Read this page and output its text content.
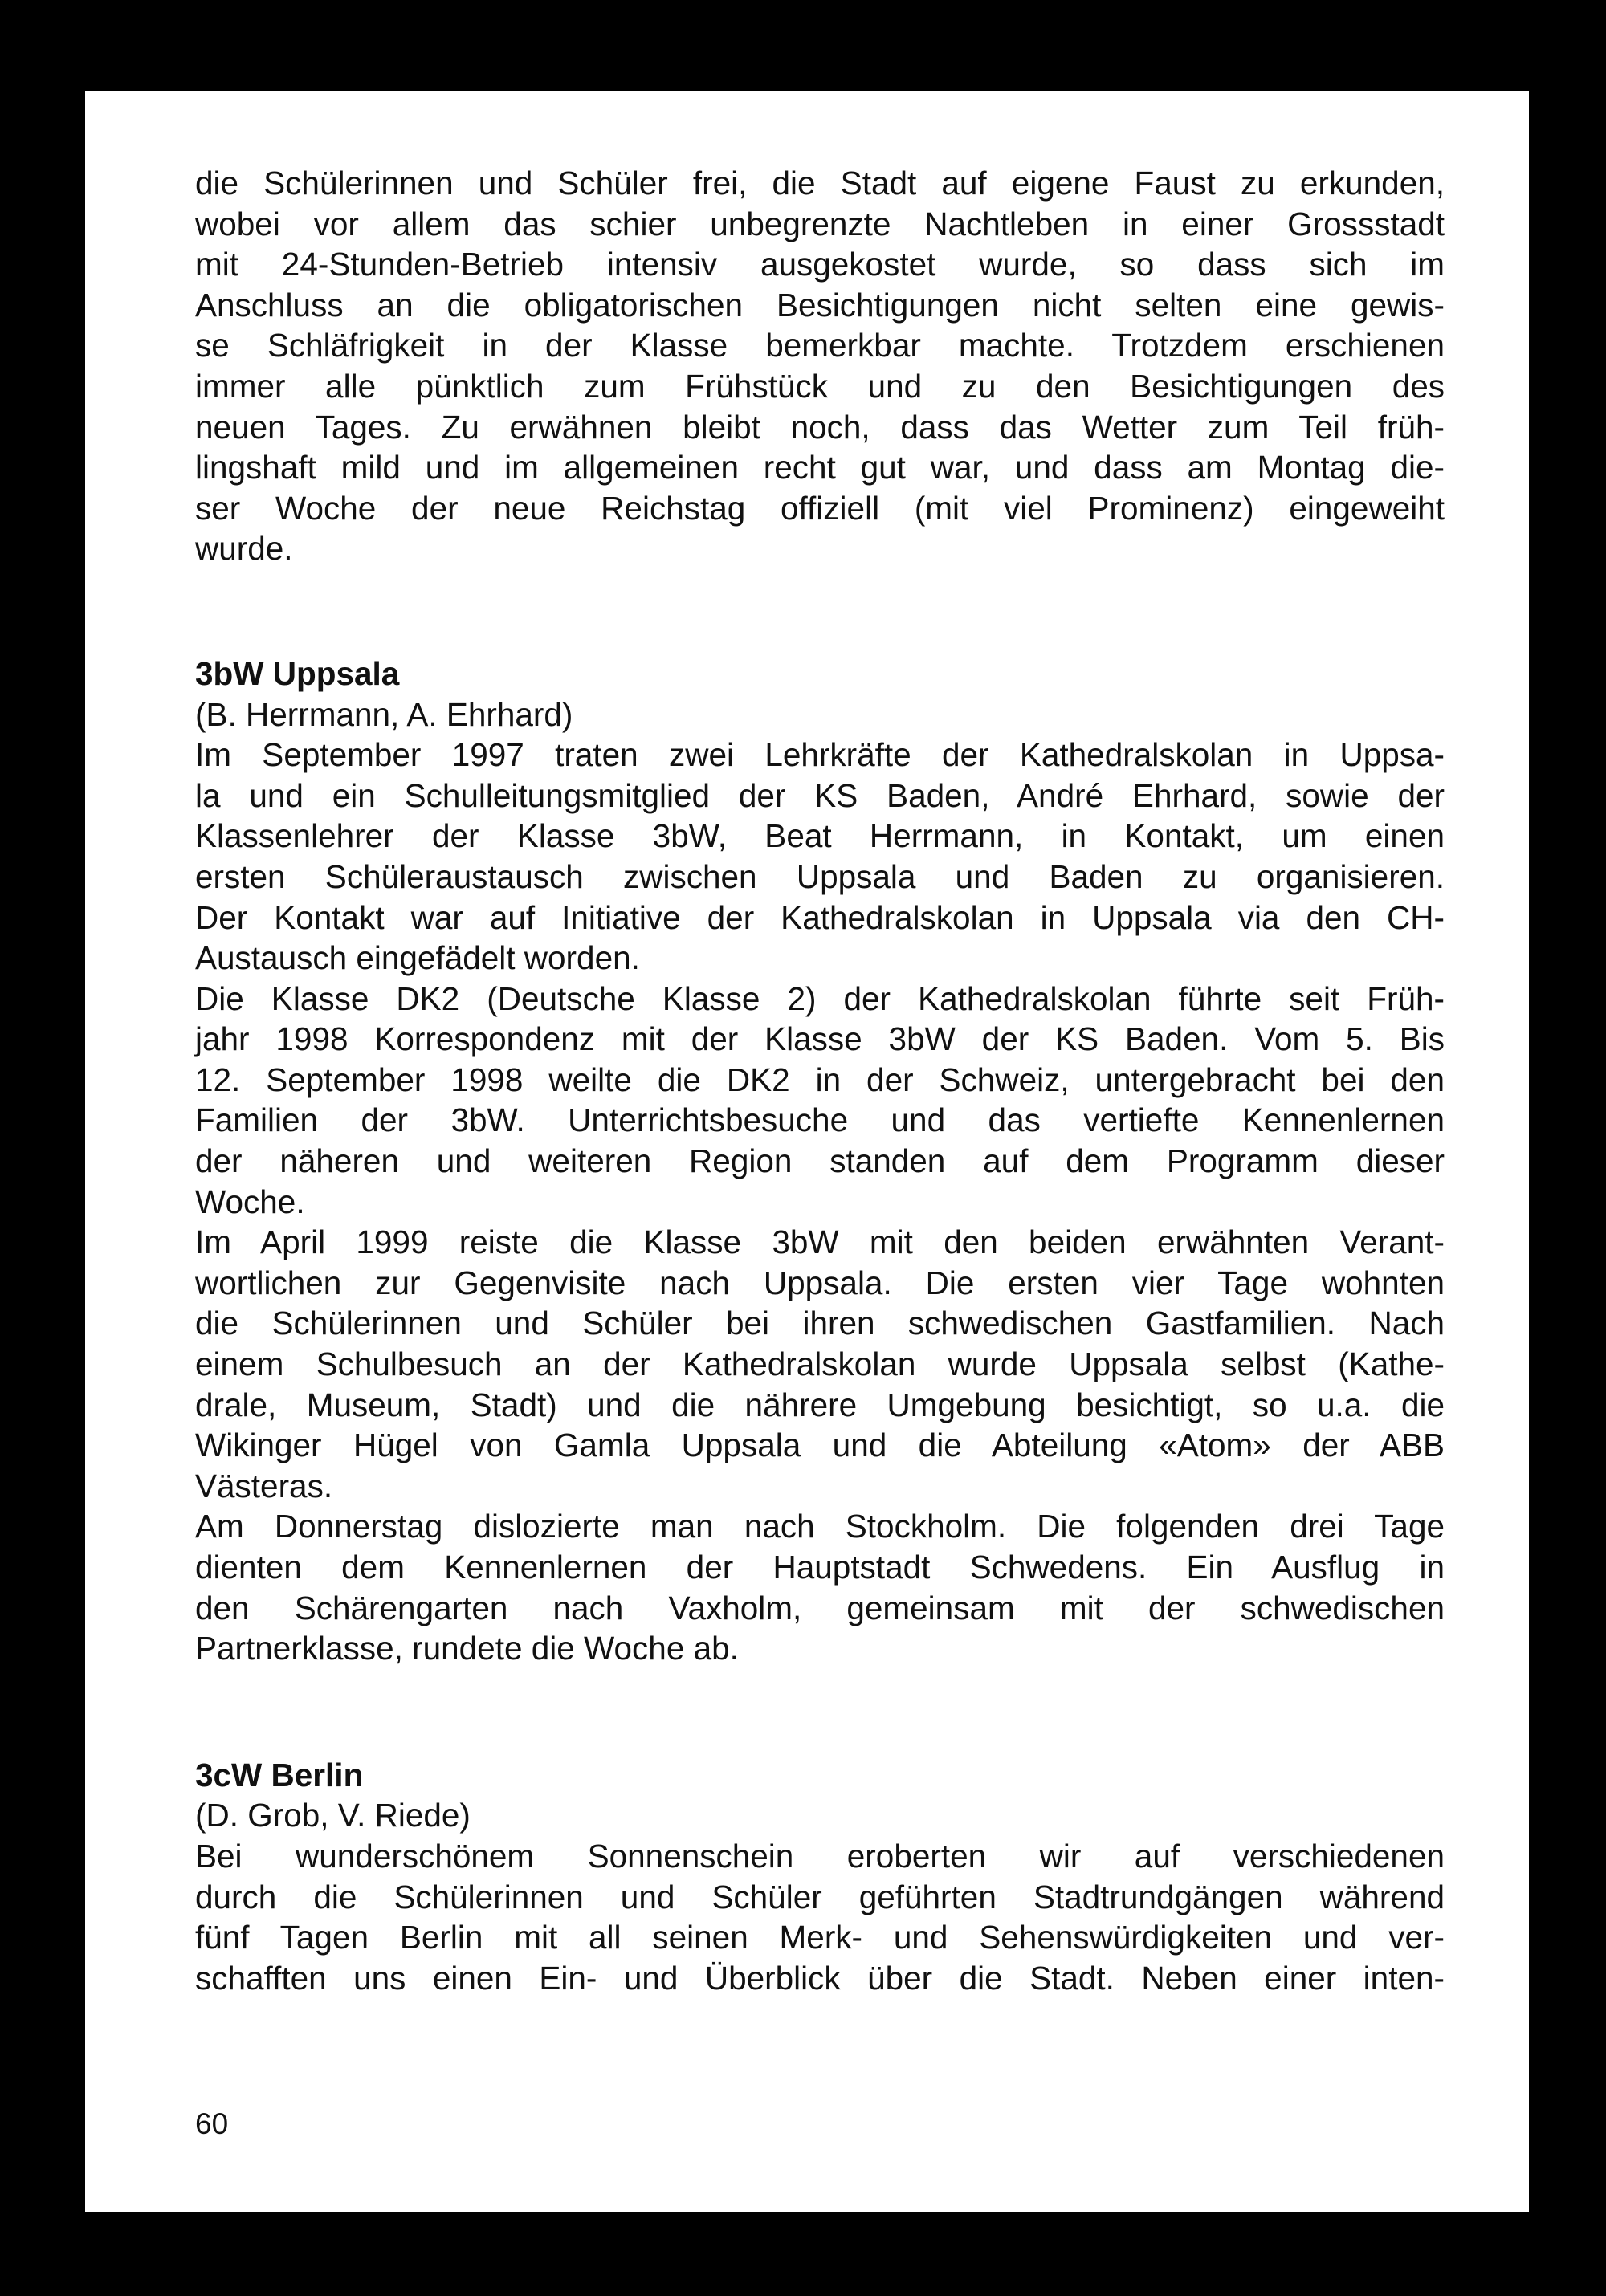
die Schülerinnen und Schüler frei, die Stadt auf eigene Faust zu erkunden,
wobei vor allem das schier unbegrenzte Nachtleben in einer Grossstadt
mit 24-Stunden-Betrieb intensiv ausgekostet wurde, so dass sich im
Anschluss an die obligatorischen Besichtigungen nicht selten eine gewis-
se Schläfrigkeit in der Klasse bemerkbar machte. Trotzdem erschienen
immer alle pünktlich zum Frühstück und zu den Besichtigungen des
neuen Tages. Zu erwähnen bleibt noch, dass das Wetter zum Teil früh-
lingshaft mild und im allgemeinen recht gut war, und dass am Montag die-
ser Woche der neue Reichstag offiziell (mit viel Prominenz) eingeweiht
wurde.
3bW Uppsala
(B. Herrmann, A. Ehrhard)
Im September 1997 traten zwei Lehrkräfte der Kathedralskolan in Uppsa-
la und ein Schulleitungsmitglied der KS Baden, André Ehrhard, sowie der
Klassenlehrer der Klasse 3bW, Beat Herrmann, in Kontakt, um einen
ersten Schüleraustausch zwischen Uppsala und Baden zu organisieren.
Der Kontakt war auf Initiative der Kathedralskolan in Uppsala via den CH-
Austausch eingefädelt worden.
Die Klasse DK2 (Deutsche Klasse 2) der Kathedralskolan führte seit Früh-
jahr 1998 Korrespondenz mit der Klasse 3bW der KS Baden. Vom 5. Bis
12. September 1998 weilte die DK2 in der Schweiz, untergebracht bei den
Familien der 3bW. Unterrichtsbesuche und das vertiefte Kennenlernen
der näheren und weiteren Region standen auf dem Programm dieser
Woche.
Im April 1999 reiste die Klasse 3bW mit den beiden erwähnten Verant-
wortlichen zur Gegenvisite nach Uppsala. Die ersten vier Tage wohnten
die Schülerinnen und Schüler bei ihren schwedischen Gastfamilien. Nach
einem Schulbesuch an der Kathedralskolan wurde Uppsala selbst (Kathe-
drale, Museum, Stadt) und die nährere Umgebung besichtigt, so u.a. die
Wikinger Hügel von Gamla Uppsala und die Abteilung «Atom» der ABB
Västeras.
Am Donnerstag dislozierte man nach Stockholm. Die folgenden drei Tage
dienten dem Kennenlernen der Hauptstadt Schwedens. Ein Ausflug in
den Schärengarten nach Vaxholm, gemeinsam mit der schwedischen
Partnerklasse, rundete die Woche ab.
3cW Berlin
(D. Grob, V. Riede)
Bei wunderschönem Sonnenschein eroberten wir auf verschiedenen
durch die Schülerinnen und Schüler geführten Stadtrundgängen während
fünf Tagen Berlin mit all seinen Merk- und Sehenswürdigkeiten und ver-
schafften uns einen Ein- und Überblick über die Stadt. Neben einer inten-
60
